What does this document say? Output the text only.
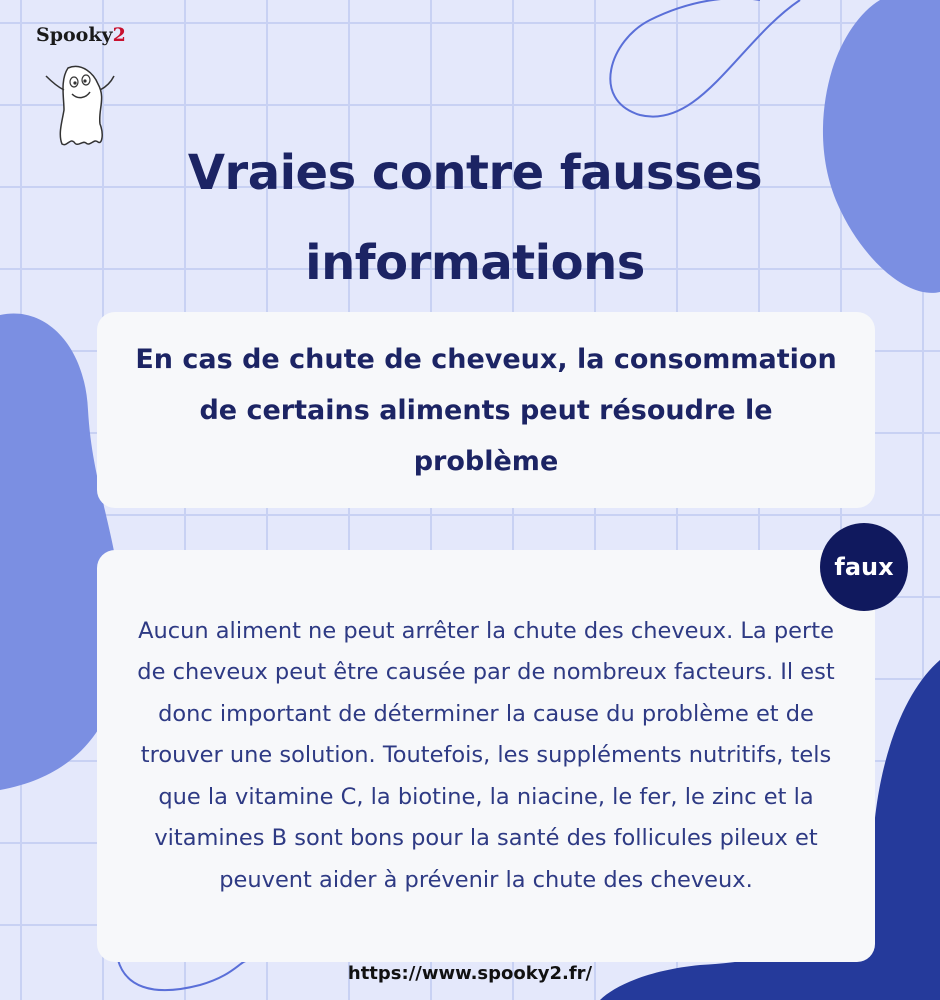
Spooky2
Vraies contre fausses informations

En cas de chute de cheveux, la consommation de certains aliments peut résoudre le problème

Aucun aliment ne peut arrêter la chute des cheveux. La perte de cheveux peut être causée par de nombreux facteurs. Il est donc important de déterminer la cause du problème et de trouver une solution. Toutefois, les suppléments nutritifs, tels que la vitamine C, la biotine, la niacine, le fer, le zinc et la vitamines B sont bons pour la santé des follicules pileux et peuvent aider à prévenir la chute des cheveux.

faux
https://www.spooky2.fr/
